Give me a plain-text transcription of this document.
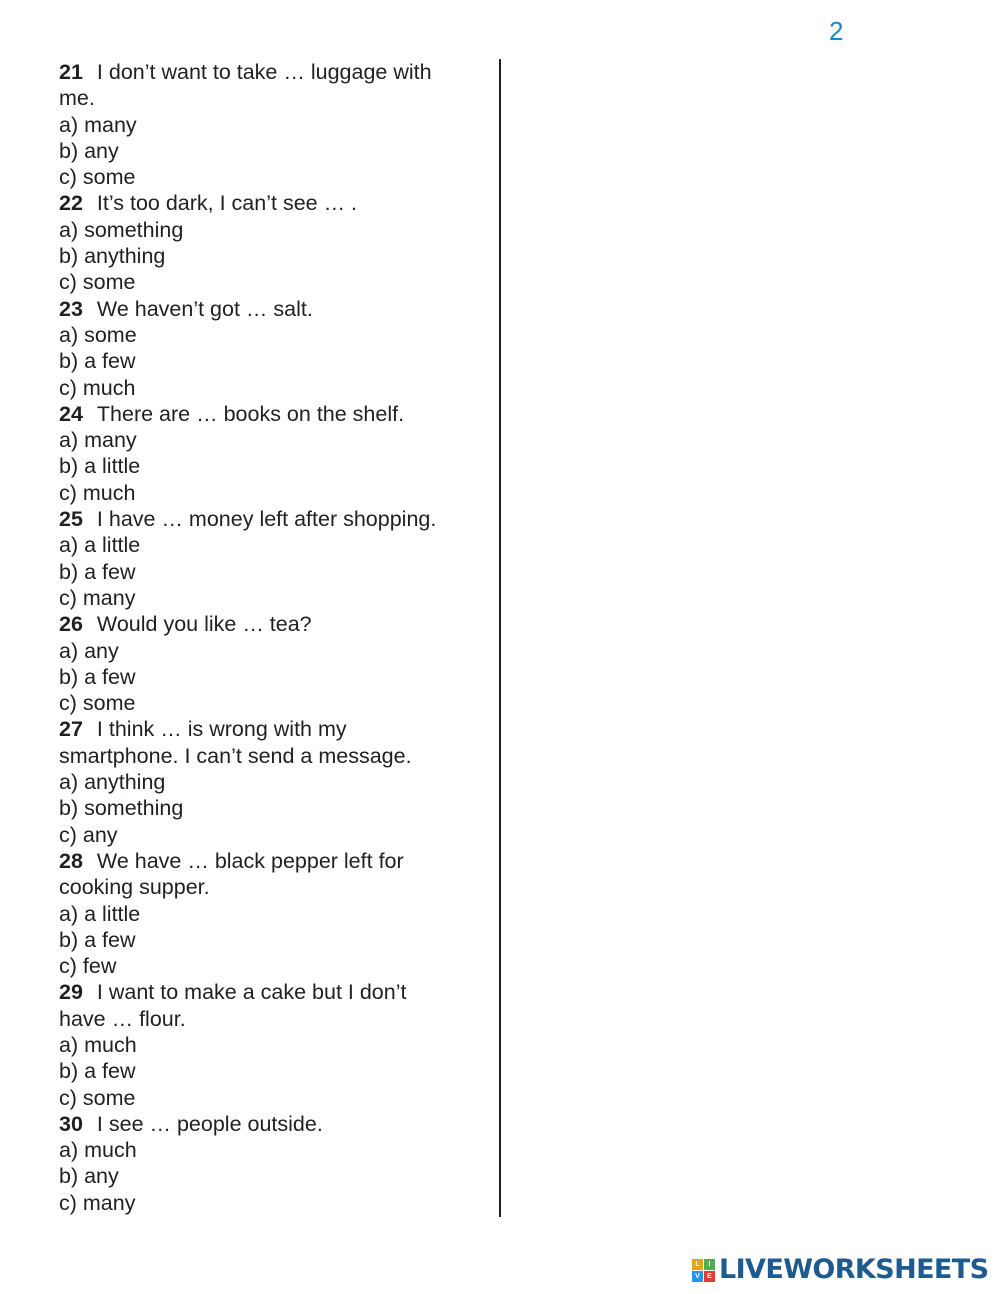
2
21 I don’t want to take … luggage with
me.
a) many
b) any
c) some
22 It’s too dark, I can’t see … .
a) something
b) anything
c) some
23 We haven’t got … salt.
a) some
b) a few
c) much
24 There are … books on the shelf.
a) many
b) a little
c) much
25 I have … money left after shopping.
a) a little
b) a few
c) many
26 Would you like … tea?
a) any
b) a few
c) some
27 I think … is wrong with my
smartphone. I can’t send a message.
a) anything
b) something
c) any
28 We have … black pepper left for
cooking supper.
a) a little
b) a few
c) few
29 I want to make a cake but I don’t
have … flour.
a) much
b) a few
c) some
30 I see … people outside.
a) much
b) any
c) many
L	I
V	E LIVEWORKSHEETS
